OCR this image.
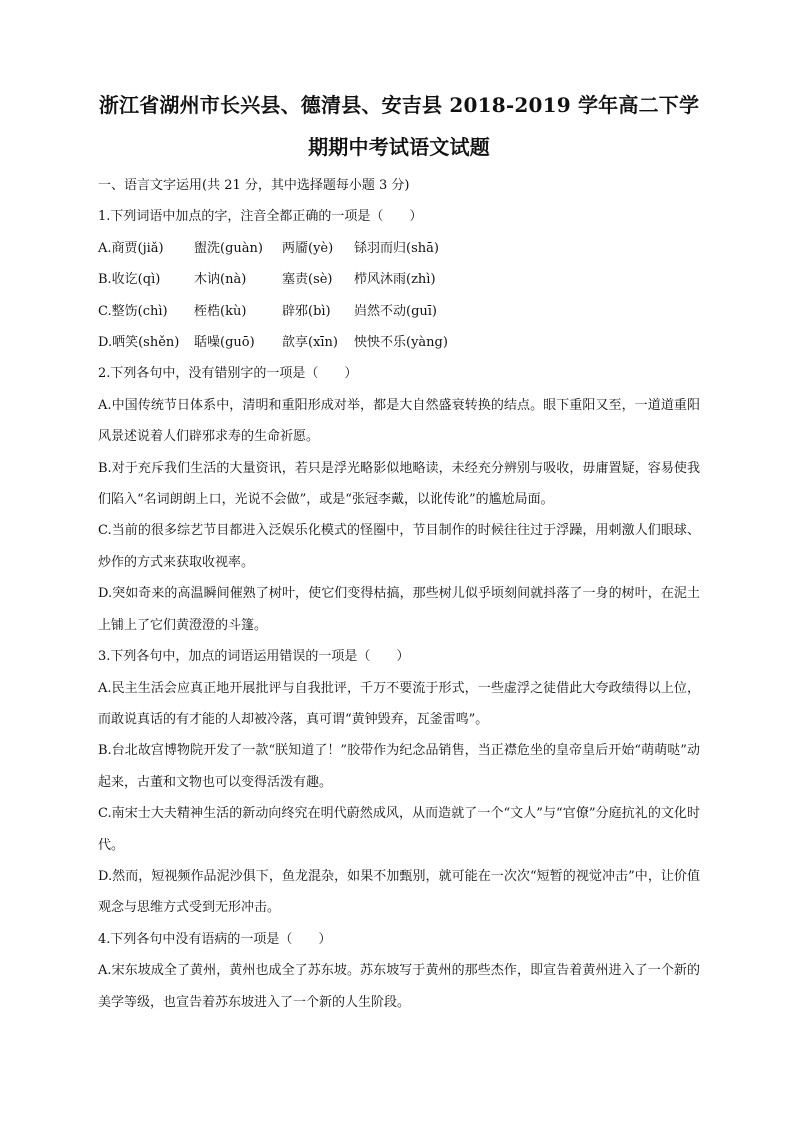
浙江省湖州市长兴县、德清县、安吉县 2018-2019 学年高二下学
期期中考试语文试题

一、语言文字运用(共 21 分，其中选择题每小题 3 分)

1.下列词语中加点的字，注音全都正确的一项是（　　）

A.商贾(jiǎ) 盥洗(guàn) 两靥(yè) 铩羽而归(shā)

B.收讫(qì)	木讷(nà)	塞责(sè) 栉风沐雨(zhì)

C.整饬(chì) 桎梏(kù)	辟邪(bì) 岿然不动(guī)

D.哂笑(shěn) 聒噪(guō) 歆享(xīn) 怏怏不乐(yàng)

2.下列各句中，没有错别字的一项是（　　）

A.中国传统节日体系中，清明和重阳形成对举，都是大自然盛衰转换的结点。眼下重阳又至，一道道重阳风景述说着人们辟邪求寿的生命祈愿。

B.对于充斥我们生活的大量资讯，若只是浮光略影似地略读，未经充分辨别与吸收，毋庸置疑，容易使我们陷入“名词朗朗上口，光说不会做”，或是“张冠李戴，以讹传讹”的尴尬局面。

C.当前的很多综艺节目都进入泛娱乐化模式的怪圈中，节目制作的时候往往过于浮躁，用刺激人们眼球、炒作的方式来获取收视率。

D.突如奇来的高温瞬间催熟了树叶，使它们变得枯搞，那些树儿似乎顷刻间就抖落了一身的树叶，在泥土上铺上了它们黄澄澄的斗篷。

3.下列各句中，加点的词语运用错误的一项是（　　）

A.民主生活会应真正地开展批评与自我批评，千万不要流于形式，一些虚浮之徒借此大夸政绩得以上位，而敢说真话的有才能的人却被冷落，真可谓“黄钟毁弃，瓦釜雷鸣”。

B.台北故宫博物院开发了一款“朕知道了！”胶带作为纪念品销售，当正襟危坐的皇帝皇后开始“萌萌哒”动起来，古董和文物也可以变得活泼有趣。

C.南宋士大夫精神生活的新动向终究在明代蔚然成风，从而造就了一个“文人”与“官僚”分庭抗礼的文化时代。

D.然而，短视频作品泥沙俱下，鱼龙混杂，如果不加甄别，就可能在一次次“短暂的视觉冲击”中，让价值观念与思维方式受到无形冲击。

4.下列各句中没有语病的一项是（　　）

A.宋东坡成全了黄州，黄州也成全了苏东坡。苏东坡写于黄州的那些杰作，即宣告着黄州进入了一个新的美学等级，也宣告着苏东坡进入了一个新的人生阶段。
